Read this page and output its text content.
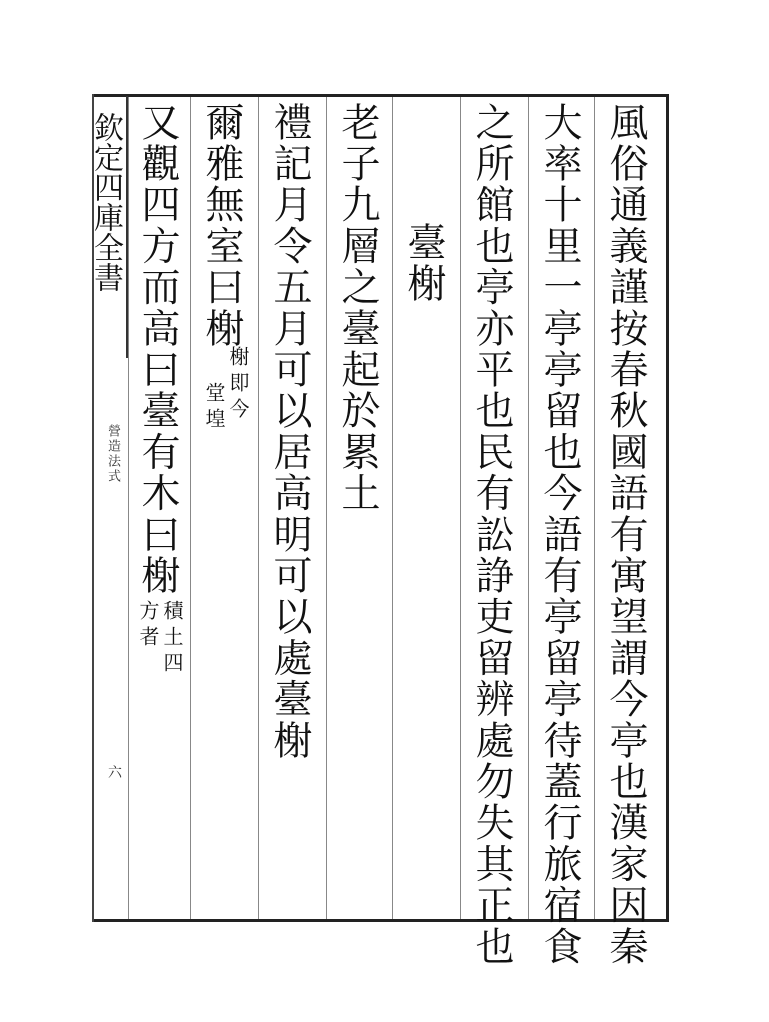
風俗通義謹按春秋國語有寓望謂今亭也漢家因秦
大率十里一亭亭留也今語有亭留亭待蓋行旅宿食
之所館也亭亦平也民有訟諍吏留辨處勿失其正也
臺榭
老子九層之臺起於累土
禮記月令五月可以居高明可以處臺榭
爾雅無室曰榭
又觀四方而高曰臺有木曰榭 榭即今
堂堭
積土四
方者
欽定四庫全書
營造法式
六
